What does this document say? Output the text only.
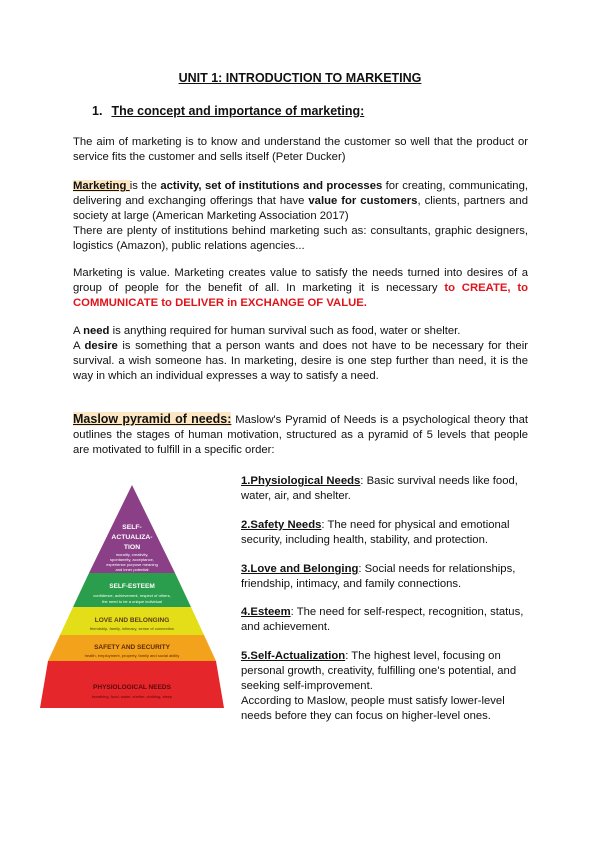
UNIT 1: INTRODUCTION TO MARKETING
1. The concept and importance of marketing:

The aim of marketing is to know and understand the customer so well that the product or service fits the customer and sells itself (Peter Ducker)

Marketing is the activity, set of institutions and processes for creating, communicating, delivering and exchanging offerings that have value for customers, clients, partners and society at large (American Marketing Association 2017)
There are plenty of institutions behind marketing such as: consultants, graphic designers, logistics (Amazon), public relations agencies...

Marketing is value. Marketing creates value to satisfy the needs turned into desires of a group of people for the benefit of all. In marketing it is necessary to CREATE, to COMMUNICATE to DELIVER in EXCHANGE OF VALUE.

A need is anything required for human survival such as food, water or shelter.
A desire is something that a person wants and does not have to be necessary for their survival. a wish someone has. In marketing, desire is one step further than need, it is the way in which an individual expresses a way to satisfy a need.

Maslow pyramid of needs: Maslow's Pyramid of Needs is a psychological theory that outlines the stages of human motivation, structured as a pyramid of 5 levels that people are motivated to fulfill in a specific order:

SELF-
ACTUALIZA-
TION
morality, creativity,
spontaneity, acceptance,
experience purpose meaning
and inner potential
SELF-ESTEEM
confidence, achievement, respect of others,
the need to be a unique individual
LOVE AND BELONGING
friendship, family, intimacy, sense of connection
SAFETY AND SECURITY
health, employment, property, family and social ability
PHYSIOLOGICAL NEEDS
breathing, food, water, shelter, clothing, sleep

1.Physiological Needs: Basic survival needs like food, water, air, and shelter.

2.Safety Needs: The need for physical and emotional security, including health, stability, and protection.

3.Love and Belonging: Social needs for relationships, friendship, intimacy, and family connections.

4.Esteem: The need for self-respect, recognition, status, and achievement.

5.Self-Actualization: The highest level, focusing on personal growth, creativity, fulfilling one's potential, and seeking self-improvement.
According to Maslow, people must satisfy lower-level needs before they can focus on higher-level ones.
